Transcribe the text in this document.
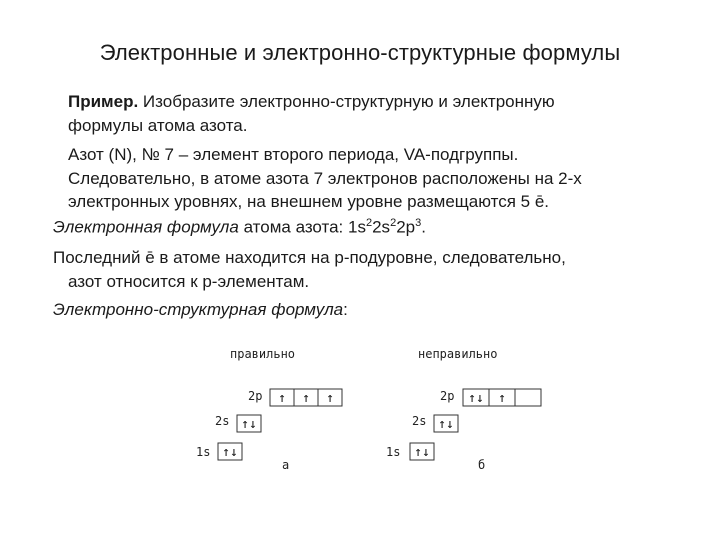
Электронные и электронно-структурные формулы
Пример. Изобразите электронно-структурную и электронную
формулы атома азота.
Азот (N), № 7 – элемент второго периода, VA-подгруппы.
Следовательно, в атоме азота 7 электронов расположены на 2-х
электронных уровнях, на внешнем уровне размещаются 5 ē.
Электронная формула атома азота: $1s^22s^22p^3$.
Последний ē в атоме находится на p-подуровне, следовательно,
азот относится к p-элементам.
Электронно-структурная формула:
правильно	неправильно
2p
2s
1s
а
2p
2s
1s
б
↑ ↑ ↑
↑↓
↑↓
↑↓ ↑
↑↓
↑↓
